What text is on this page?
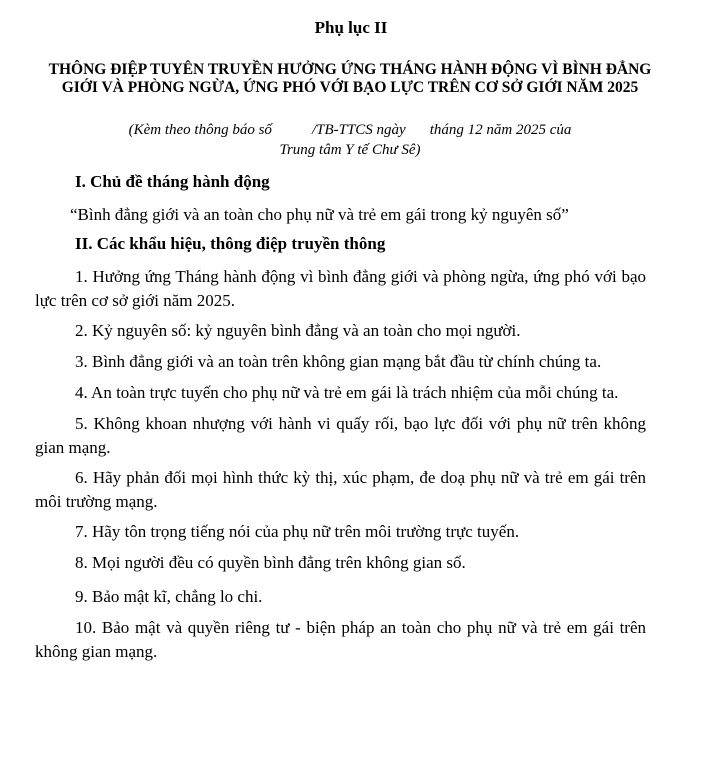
Phụ lục II
THÔNG ĐIỆP TUYÊN TRUYỀN HƯỞNG ỨNG THÁNG HÀNH ĐỘNG VÌ BÌNH ĐẲNG GIỚI VÀ PHÒNG NGỪA, ỨNG PHÓ VỚI BẠO LỰC TRÊN CƠ SỞ GIỚI NĂM 2025
(Kèm theo thông báo số	/TB-TTCS ngày tháng 12 năm 2025 của
Trung tâm Y tế Chư Sê)
I. Chủ đề tháng hành động
“Bình đẳng giới và an toàn cho phụ nữ và trẻ em gái trong kỷ nguyên số”
II. Các khẩu hiệu, thông điệp truyền thông

1. Hưởng ứng Tháng hành động vì bình đẳng giới và phòng ngừa, ứng phó với bạo lực trên cơ sở giới năm 2025.

2. Kỷ nguyên số: kỷ nguyên bình đẳng và an toàn cho mọi người.

3. Bình đẳng giới và an toàn trên không gian mạng bắt đầu từ chính chúng ta.

4. An toàn trực tuyến cho phụ nữ và trẻ em gái là trách nhiệm của mỗi chúng ta.

5. Không khoan nhượng với hành vi quấy rối, bạo lực đối với phụ nữ trên không gian mạng.

6. Hãy phản đối mọi hình thức kỳ thị, xúc phạm, đe doạ phụ nữ và trẻ em gái trên môi trường mạng.

7. Hãy tôn trọng tiếng nói của phụ nữ trên môi trường trực tuyến.

8. Mọi người đều có quyền bình đẳng trên không gian số.

9. Bảo mật kĩ, chẳng lo chi.

10. Bảo mật và quyền riêng tư - biện pháp an toàn cho phụ nữ và trẻ em gái trên không gian mạng.
